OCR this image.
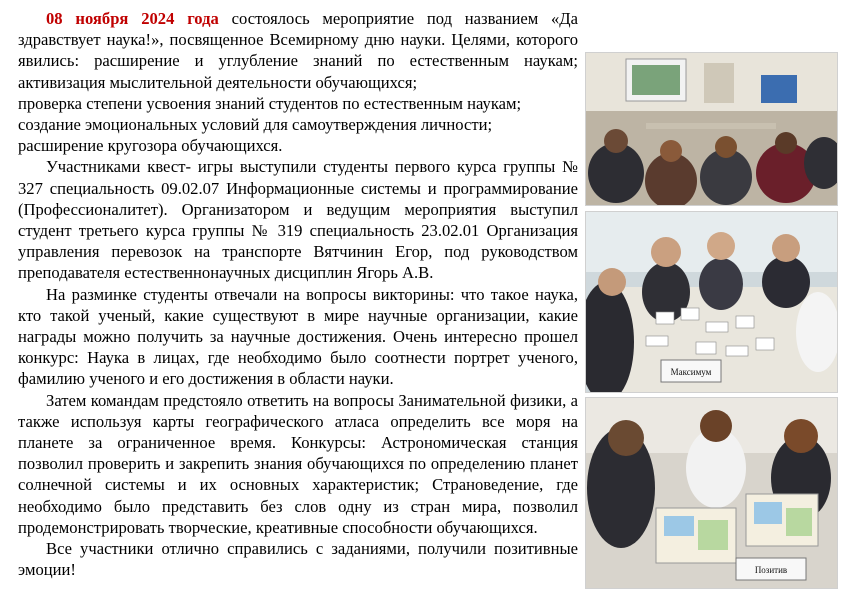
08 ноября 2024 года состоялось мероприятие под названием «Да здравствует наука!», посвященное Всемирному дню науки. Целями, которого явились: расширение и углубление знаний по естественным наукам; активизация мыслительной деятельности обучающихся;

проверка степени усвоения знаний студентов по естественным наукам;

создание эмоциональных условий для самоутверждения личности;

расширение кругозора обучающихся.

Участниками квест- игры выступили студенты первого курса группы № 327 специальность 09.02.07 Информационные системы и программирование (Профессионалитет). Организатором и ведущим мероприятия выступил студент третьего курса группы № 319 специальность 23.02.01 Организация управления перевозок на транспорте Вятчинин Егор, под руководством преподавателя естественнонаучных дисциплин Ягорь А.В.

На разминке студенты отвечали на вопросы викторины: что такое наука, кто такой ученый, какие существуют в мире научные организации, какие награды можно получить за научные достижения. Очень интересно прошел конкурс: Наука в лицах, где необходимо было соотнести портрет ученого, фамилию ученого и его достижения в области науки.

Затем командам предстояло ответить на вопросы Занимательной физики, а также используя карты географического атласа определить все моря на планете за ограниченное время. Конкурсы: Астрономическая станция позволил проверить и закрепить знания обучающихся по определению планет солнечной системы и их основных характеристик; Страноведение, где необходимо было представить без слов одну из стран мира, позволил продемонстрировать творческие, креативные способности обучающихся.

Все участники отлично справились с заданиями, получили позитивные эмоции!

Максимум
Позитив
